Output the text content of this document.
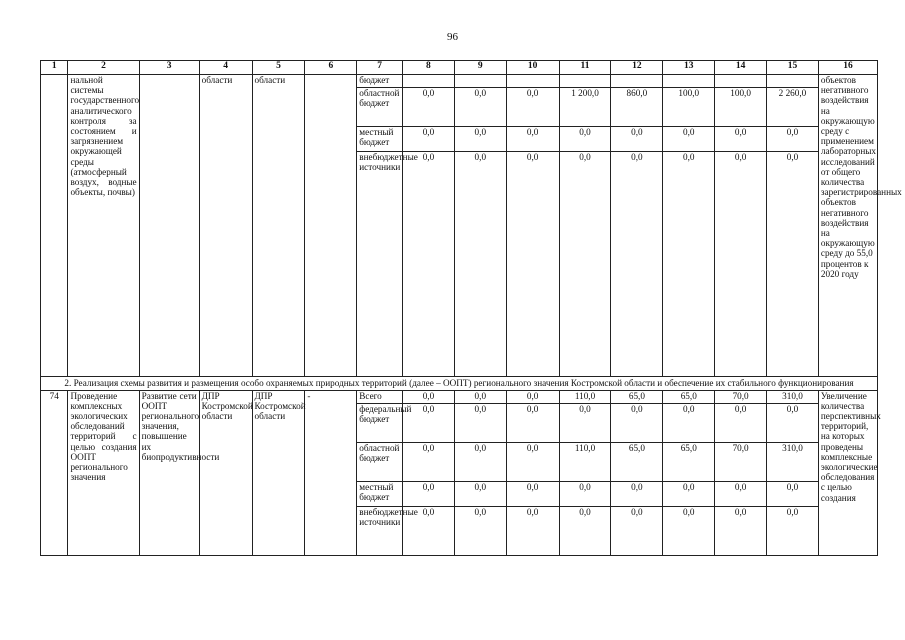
96
1	2	3	4	5	6	7	8	9	10	11	12	13	14	15	16
	нальной системы государственного аналитического контроля за состоянием и загрязнением окружающей среды (атмосферный воздух, водные объекты, почвы)		области	области		бюджет									объектов негативного воздействия на окружающую среду с применением лабораторных исследований от общего количества зарегистрированных объектов негативного воздействия на окружающую среду до 55,0 процентов к 2020 году
						областной бюджет	0,0	0,0	0,0	1 200,0	860,0	100,0	100,0	2 260,0	
						местный бюджет	0,0	0,0	0,0	0,0	0,0	0,0	0,0	0,0	
						внебюджетные источники	0,0	0,0	0,0	0,0	0,0	0,0	0,0	0,0	
2. Реализация схемы развития и размещения особо охраняемых природных территорий (далее – ООПТ) регионального значения Костромской области и обеспечение их стабильного функционирования															
74	Проведение комплексных экологических обследований территорий с целью создания ООПТ регионального значения	Развитие сети ООПТ регионального значения, повышение их биопродуктивности	ДПР Костромской области	ДПР Костромской области	-	Всего	0,0	0,0	0,0	110,0	65,0	65,0	70,0	310,0	Увеличение количества перспективных территорий, на которых проведены комплексные экологические обследования с целью создания
						федеральный бюджет	0,0	0,0	0,0	0,0	0,0	0,0	0,0	0,0	
						областной бюджет	0,0	0,0	0,0	110,0	65,0	65,0	70,0	310,0	
						местный бюджет	0,0	0,0	0,0	0,0	0,0	0,0	0,0	0,0	
						внебюджетные источники	0,0	0,0	0,0	0,0	0,0	0,0	0,0	0,0	
